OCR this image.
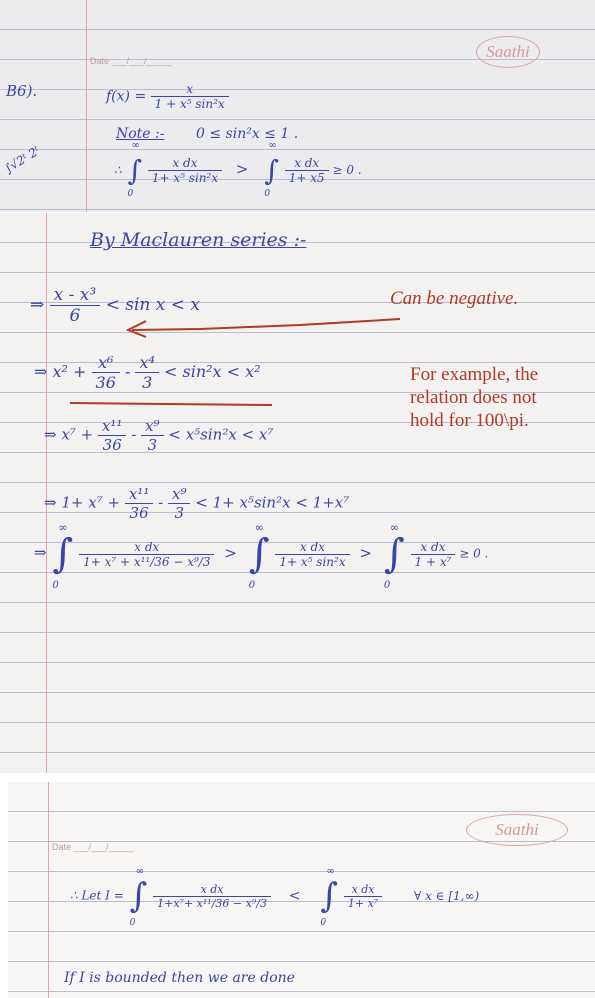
Saathi
Date ___/___/_____
B6).	$f(x) = \frac{x}{\text{1 + x⁵ sin²x}}$
Note :- 0 ≤ sin²x ≤ 1 .
∫√2ᵗ 2ᵗ	∴ ∫
∞
0

$\frac{\text{x dx}}{\text{1+ x⁵ sin²x}}$ > ∫
∞
0

$\frac{\text{x dx}}{1+ x5} \ge 0$ .
By Maclauren series :-
⇒ $\frac{\text{x - x³}}{6} < \sin x < x$
⇒ $x^2 + \frac{\text{x⁶}}{36} - \frac{\text{x⁴}}{3} < \sin^2x < x^2$
⇒ $x^7 + \frac{\text{x¹¹}}{36} - \frac{\text{x⁹}}{3} < x^5\sin^2x < x^7$
⇒ $1+ x^7 + \frac{\text{x¹¹}}{36} - \frac{\text{x⁹}}{3} < 1+ x^5\sin^2x < 1+x^7$
⇒ ∫
∞
0

$\frac{\text{x dx}}{\text{1+ x⁷ + x¹¹/36 − x⁹/3}}$ > ∫
∞
0

$\frac{\text{x dx}}{\text{1+ x⁵ sin²x}}$ > ∫
∞
0

$\frac{\text{x dx}}{\text{1 + x⁷}} \ge 0$ .
Can be negative.
For example, the
relation does not
hold for 100\pi.
Saathi
Date ___/___/_____
∴ Let I = ∫
∞
0

$\frac{\text{x dx}}{\text{1+x⁷+ x¹¹/36 − x⁹/3}}$ < ∫
∞
0

$\frac{\text{x dx}}{\text{1+ x⁷}}$	∀ x ∈ [1,∞)
If I is bounded then we are done
